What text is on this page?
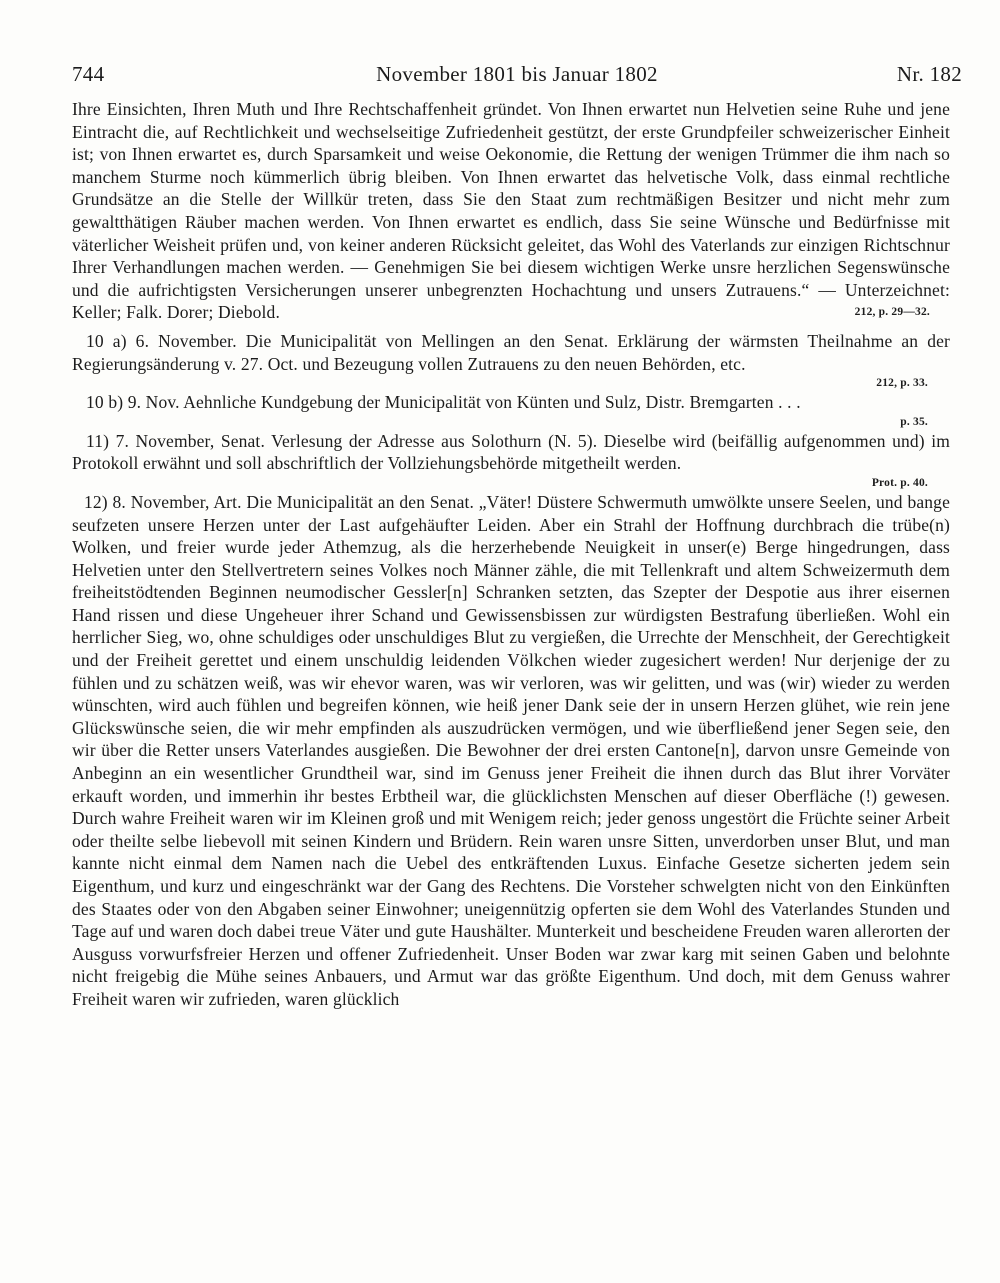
November 1801 bis Januar 1802
744	Nr. 182

Ihre Einsichten, Ihren Muth und Ihre Rechtschaffenheit gründet. Von Ihnen erwartet nun Helvetien seine Ruhe und jene Eintracht die, auf Rechtlichkeit und wechselseitige Zufriedenheit gestützt, der erste Grundpfeiler schweizerischer Einheit ist; von Ihnen erwartet es, durch Sparsamkeit und weise Oekonomie, die Rettung der wenigen Trümmer die ihm nach so manchem Sturme noch kümmerlich übrig bleiben. Von Ihnen erwartet das helvetische Volk, dass einmal rechtliche Grundsätze an die Stelle der Willkür treten, dass Sie den Staat zum rechtmäßigen Besitzer und nicht mehr zum gewaltthätigen Räuber machen werden. Von Ihnen erwartet es endlich, dass Sie seine Wünsche und Bedürfnisse mit väterlicher Weisheit prüfen und, von keiner anderen Rücksicht geleitet, das Wohl des Vaterlands zur einzigen Richtschnur Ihrer Verhandlungen machen werden. — Genehmigen Sie bei diesem wichtigen Werke unsre herzlichen Segenswünsche und die aufrichtigsten Versicherungen unserer unbegrenzten Hochachtung und unsers Zutrauens.“ — Unterzeichnet: Keller; Falk. Dorer; Diebold.	212, p. 29—32.

10 a) 6. November. Die Municipalität von Mellingen an den Senat. Erklärung der wärmsten Theilnahme an der Regierungsänderung v. 27. Oct. und Bezeugung vollen Zutrauens zu den neuen Behörden, etc.

212, p. 33.

10 b) 9. Nov. Aehnliche Kundgebung der Municipalität von Künten und Sulz, Distr. Bremgarten . . .

p. 35.

11) 7. November, Senat. Verlesung der Adresse aus Solothurn (N. 5). Dieselbe wird (beifällig aufgenommen und) im Protokoll erwähnt und soll abschriftlich der Vollziehungsbehörde mitgetheilt werden.

Prot. p. 40.

12) 8. November, Art. Die Municipalität an den Senat. „Väter! Düstere Schwermuth umwölkte unsere Seelen, und bange seufzeten unsere Herzen unter der Last aufgehäufter Leiden. Aber ein Strahl der Hoffnung durchbrach die trübe(n) Wolken, und freier wurde jeder Athemzug, als die herzerhebende Neuigkeit in unser(e) Berge hingedrungen, dass Helvetien unter den Stellvertretern seines Volkes noch Männer zähle, die mit Tellenkraft und altem Schweizermuth dem freiheitstödtenden Beginnen neumodischer Gessler[n] Schranken setzten, das Szepter der Despotie aus ihrer eisernen Hand rissen und diese Ungeheuer ihrer Schand und Gewissensbissen zur würdigsten Bestrafung überließen. Wohl ein herrlicher Sieg, wo, ohne schuldiges oder unschuldiges Blut zu vergießen, die Urrechte der Menschheit, der Gerechtigkeit und der Freiheit gerettet und einem unschuldig leidenden Völkchen wieder zugesichert werden! Nur derjenige der zu fühlen und zu schätzen weiß, was wir ehevor waren, was wir verloren, was wir gelitten, und was (wir) wieder zu werden wünschten, wird auch fühlen und begreifen können, wie heiß jener Dank seie der in unsern Herzen glühet, wie rein jene Glückswünsche seien, die wir mehr empfinden als auszudrücken vermögen, und wie überfließend jener Segen seie, den wir über die Retter unsers Vaterlandes ausgießen. Die Bewohner der drei ersten Cantone[n], darvon unsre Gemeinde von Anbeginn an ein wesentlicher Grundtheil war, sind im Genuss jener Freiheit die ihnen durch das Blut ihrer Vorväter erkauft worden, und immerhin ihr bestes Erbtheil war, die glücklichsten Menschen auf dieser Oberfläche (!) gewesen. Durch wahre Freiheit waren wir im Kleinen groß und mit Wenigem reich; jeder genoss ungestört die Früchte seiner Arbeit oder theilte selbe liebevoll mit seinen Kindern und Brüdern. Rein waren unsre Sitten, unverdorben unser Blut, und man kannte nicht einmal dem Namen nach die Uebel des entkräftenden Luxus. Einfache Gesetze sicherten jedem sein Eigenthum, und kurz und eingeschränkt war der Gang des Rechtens. Die Vorsteher schwelgten nicht von den Einkünften des Staates oder von den Abgaben seiner Einwohner; uneigennützig opferten sie dem Wohl des Vaterlandes Stunden und Tage auf und waren doch dabei treue Väter und gute Haushälter. Munterkeit und bescheidene Freuden waren allerorten der Ausguss vorwurfsfreier Herzen und offener Zufriedenheit. Unser Boden war zwar karg mit seinen Gaben und belohnte nicht freigebig die Mühe seines Anbauers, und Armut war das größte Eigenthum. Und doch, mit dem Genuss wahrer Freiheit waren wir zufrieden, waren glücklich
